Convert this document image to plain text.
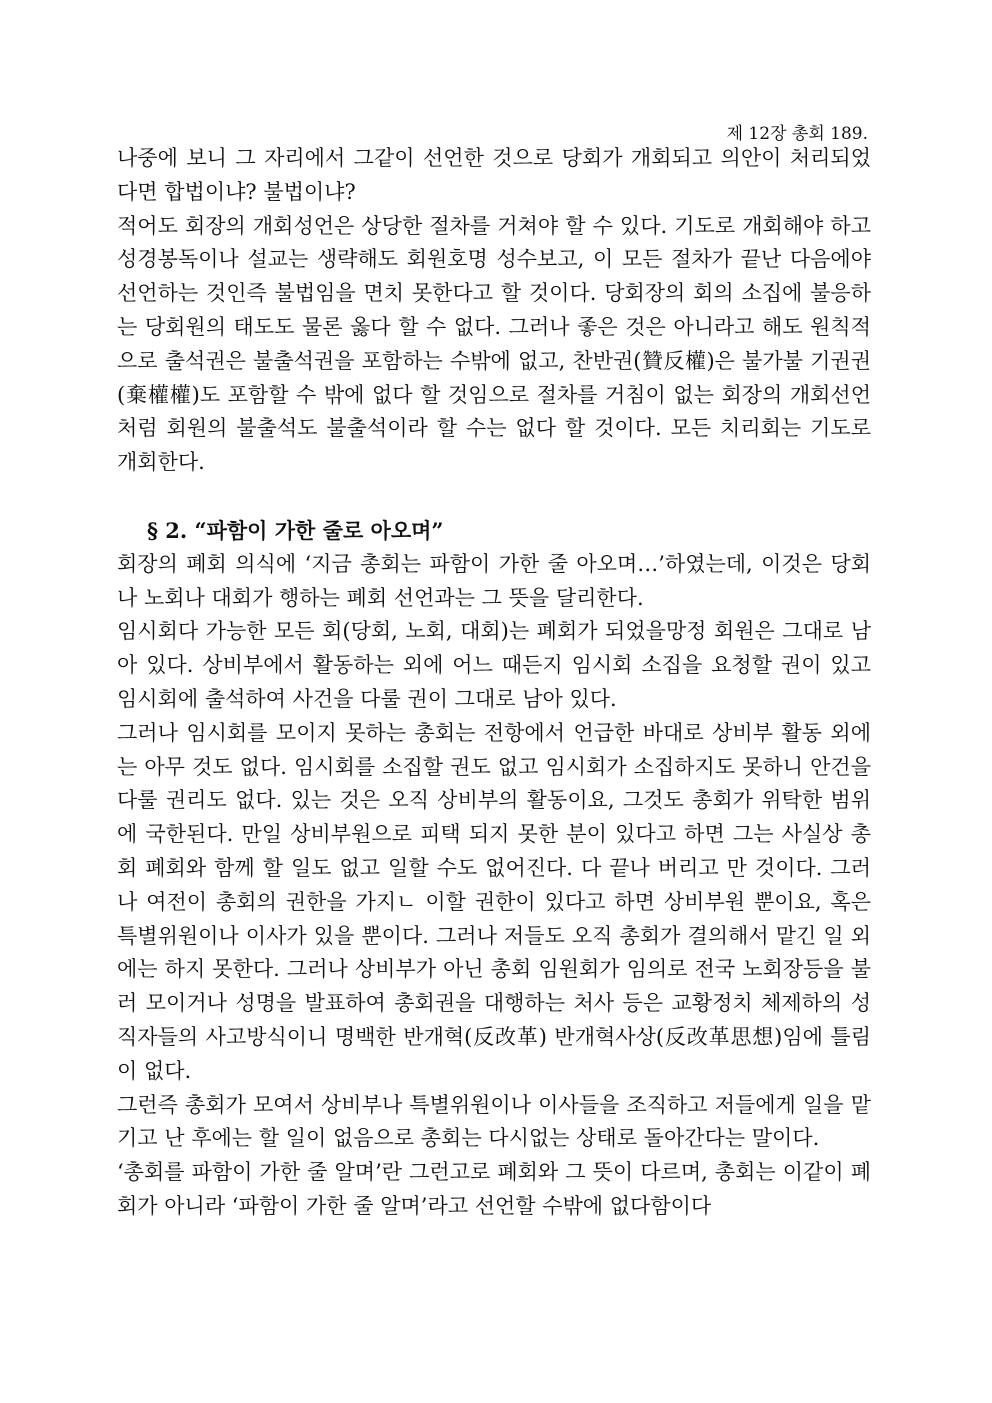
제 12장 총회 189.

나중에 보니 그 자리에서 그같이 선언한 것으로 당회가 개회되고 의안이 처리되었다면 합법이냐? 불법이냐?

적어도 회장의 개회성언은 상당한 절차를 거쳐야 할 수 있다. 기도로 개회해야 하고 성경봉독이나 설교는 생략해도 회원호명 성수보고, 이 모든 절차가 끝난 다음에야 선언하는 것인즉 불법임을 면치 못한다고 할 것이다. 당회장의 회의 소집에 불응하는 당회원의 태도도 물론 옳다 할 수 없다. 그러나 좋은 것은 아니라고 해도 원칙적으로 출석권은 불출석권을 포함하는 수밖에 없고, 찬반권(贊反權)은 불가불 기권권(棄權權)도 포함할 수 밖에 없다 할 것임으로 절차를 거침이 없는 회장의 개회선언처럼 회원의 불출석도 불출석이라 할 수는 없다 할 것이다. 모든 치리회는 기도로 개회한다.

§ 2. “파함이 가한 줄로 아오며”

회장의 폐회 의식에 ‘지금 총회는 파함이 가한 줄 아오며…’하였는데, 이것은 당회나 노회나 대회가 행하는 폐회 선언과는 그 뜻을 달리한다.

임시회다 가능한 모든 회(당회, 노회, 대회)는 폐회가 되었을망정 회원은 그대로 남아 있다. 상비부에서 활동하는 외에 어느 때든지 임시회 소집을 요청할 권이 있고 임시회에 출석하여 사건을 다룰 권이 그대로 남아 있다.

그러나 임시회를 모이지 못하는 총회는 전항에서 언급한 바대로 상비부 활동 외에는 아무 것도 없다. 임시회를 소집할 권도 없고 임시회가 소집하지도 못하니 안건을 다룰 권리도 없다. 있는 것은 오직 상비부의 활동이요, 그것도 총회가 위탁한 범위에 국한된다. 만일 상비부원으로 피택 되지 못한 분이 있다고 하면 그는 사실상 총회 폐회와 함께 할 일도 없고 일할 수도 없어진다. 다 끝나 버리고 만 것이다. 그러나 여전이 총회의 권한을 가지ㄴ 이할 권한이 있다고 하면 상비부원 뿐이요, 혹은 특별위원이나 이사가 있을 뿐이다. 그러나 저들도 오직 총회가 결의해서 맡긴 일 외에는 하지 못한다. 그러나 상비부가 아닌 총회 임원회가 임의로 전국 노회장등을 불러 모이거나 성명을 발표하여 총회권을 대행하는 처사 등은 교황정치 체제하의 성직자들의 사고방식이니 명백한 반개혁(反改革) 반개혁사상(反改革思想)임에 틀림이 없다.

그런즉 총회가 모여서 상비부나 특별위원이나 이사들을 조직하고 저들에게 일을 맡기고 난 후에는 할 일이 없음으로 총회는 다시없는 상태로 돌아간다는 말이다.

‘총회를 파함이 가한 줄 알며’란 그런고로 폐회와 그 뜻이 다르며, 총회는 이같이 폐회가 아니라 ‘파함이 가한 줄 알며’라고 선언할 수밖에 없다함이다
